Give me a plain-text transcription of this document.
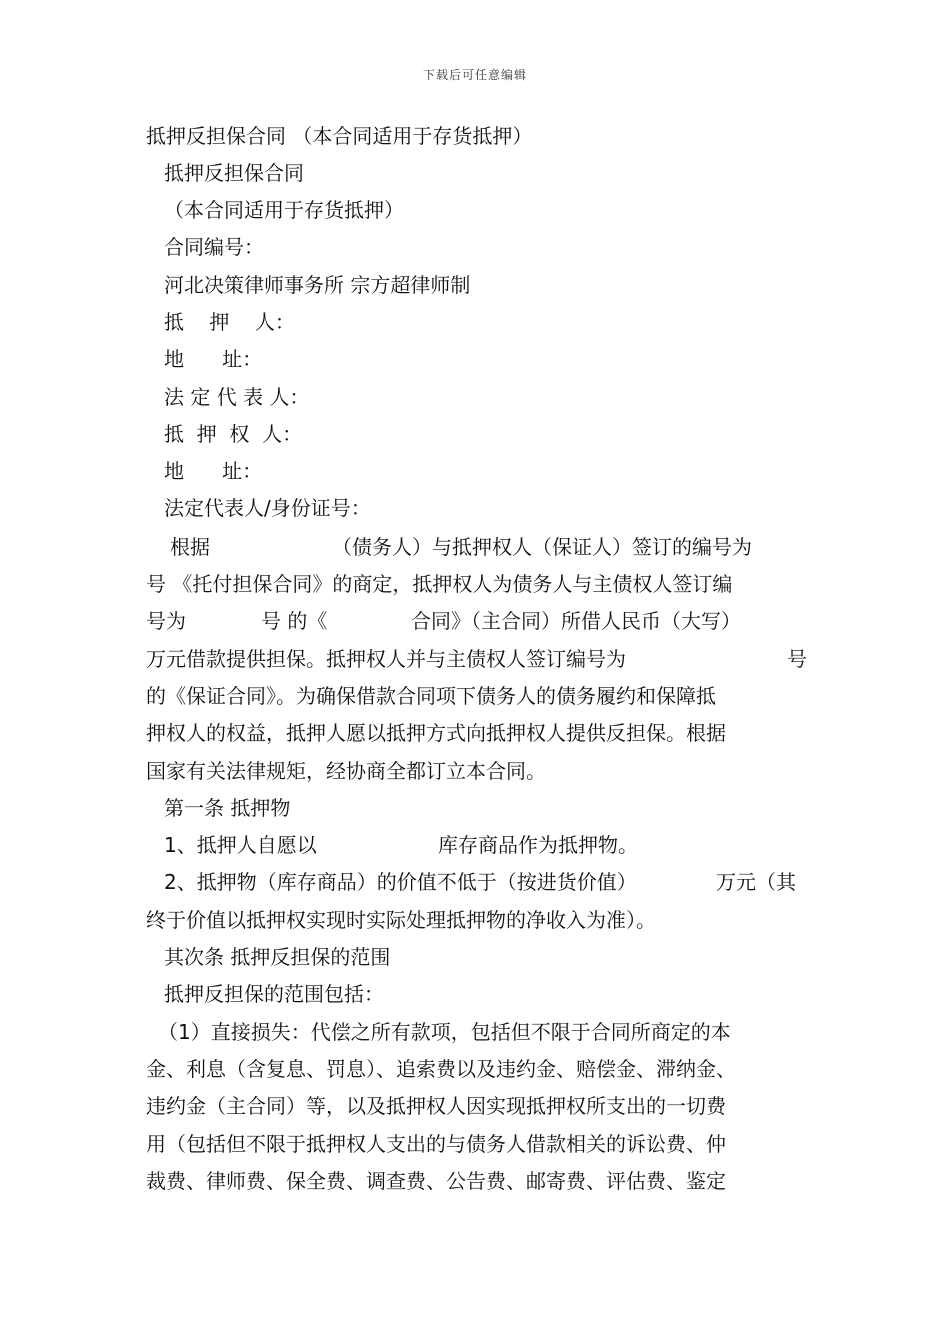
下载后可任意编辑
抵押反担保合同 （本合同适用于存货抵押）
抵押反担保合同
（本合同适用于存货抵押）
合同编号：
河北决策律师事务所 宗方超律师制
抵    押    人：
地      址：
法 定 代 表 人：
抵  押  权  人：
地      址：
法定代表人/身份证号：
根据	（债务人）与抵押权人（保证人）签订的编号为
号 《托付担保合同》的商定，抵押权人为债务人与主债权人签订编
号为	号 的《	合同》（主合同）所借人民币（大写）
万元借款提供担保。抵押权人并与主债权人签订编号为	号
的《保证合同》。为确保借款合同项下债务人的债务履约和保障抵
押权人的权益，抵押人愿以抵押方式向抵押权人提供反担保。根据
国家有关法律规矩，经协商全都订立本合同。
第一条 抵押物
1、抵押人自愿以	库存商品作为抵押物。
2、抵押物（库存商品）的价值不低于（按进货价值）	万元（其
终于价值以抵押权实现时实际处理抵押物的净收入为准）。
其次条 抵押反担保的范围
抵押反担保的范围包括：
（1）直接损失：代偿之所有款项，包括但不限于合同所商定的本
金、利息（含复息、罚息）、追索费以及违约金、赔偿金、滞纳金、
违约金（主合同）等，以及抵押权人因实现抵押权所支出的一切费
用（包括但不限于抵押权人支出的与债务人借款相关的诉讼费、仲
裁费、律师费、保全费、调查费、公告费、邮寄费、评估费、鉴定
